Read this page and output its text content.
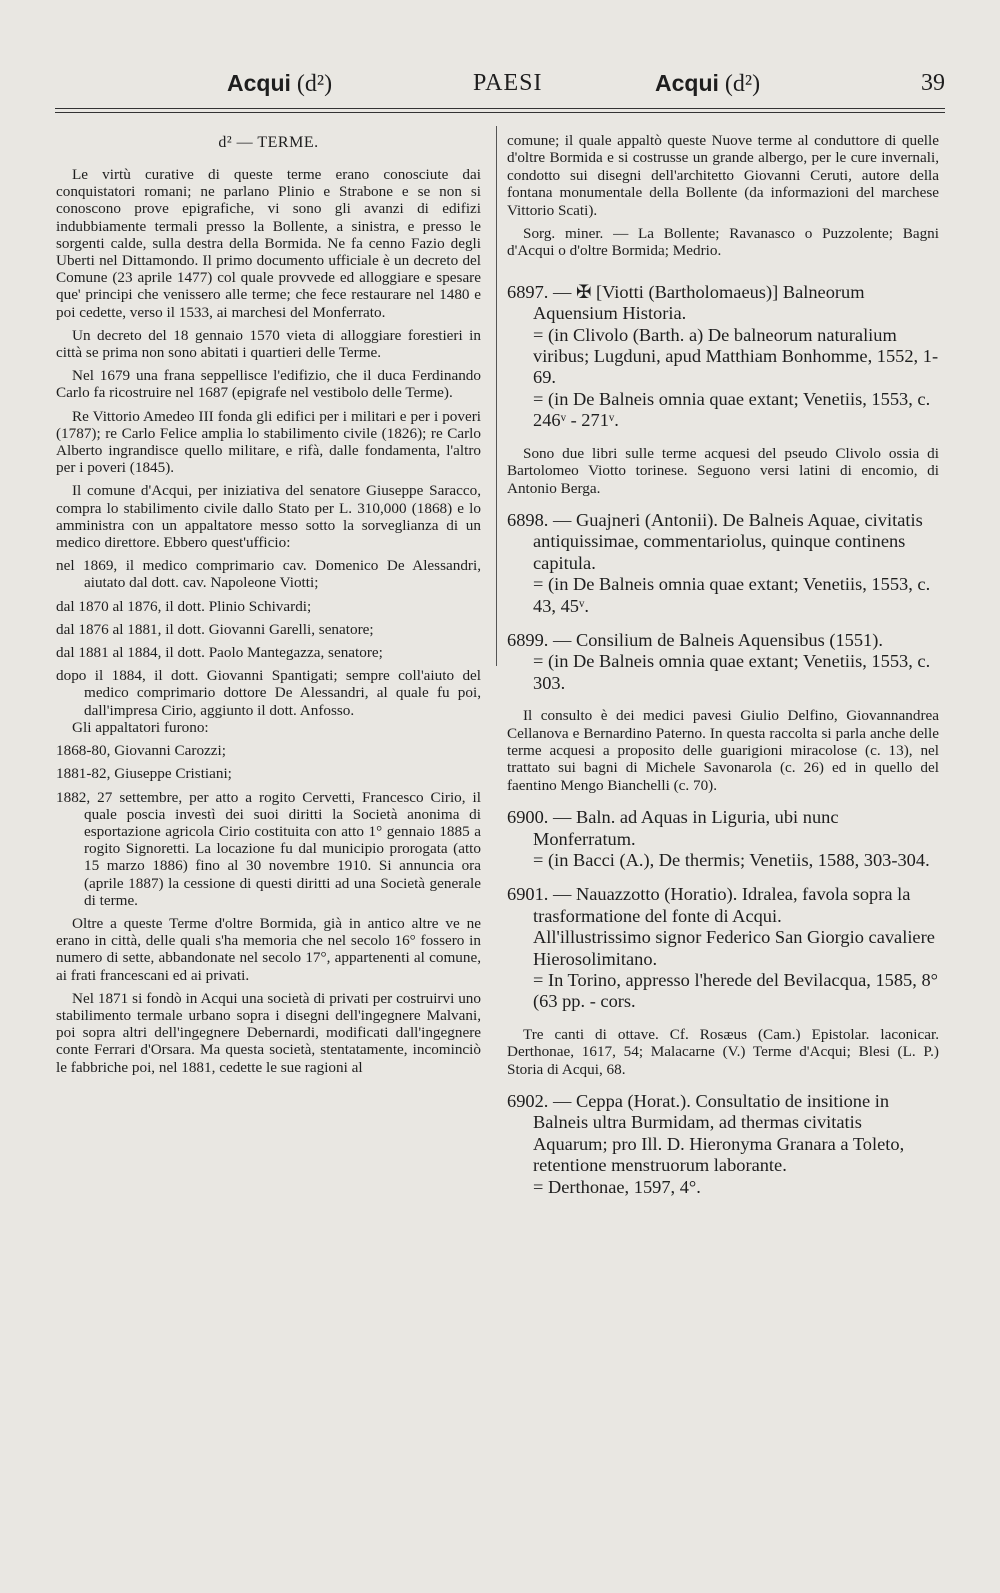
Acqui (d²)	PAESI	Acqui (d²)	39
d² — TERME.

Le virtù curative di queste terme erano conosciute dai conquistatori romani; ne parlano Plinio e Strabone e se non si conoscono prove epigrafiche, vi sono gli avanzi di edifizi indubbiamente termali presso la Bollente, a sinistra, e presso le sorgenti calde, sulla destra della Bormida. Ne fa cenno Fazio degli Uberti nel Dittamondo. Il primo documento ufficiale è un decreto del Comune (23 aprile 1477) col quale provvede ed alloggiare e spesare que' principi che venissero alle terme; che fece restaurare nel 1480 e poi cedette, verso il 1533, ai marchesi del Monferrato.

Un decreto del 18 gennaio 1570 vieta di alloggiare forestieri in città se prima non sono abitati i quartieri delle Terme.

Nel 1679 una frana seppellisce l'edifizio, che il duca Ferdinando Carlo fa ricostruire nel 1687 (epigrafe nel vestibolo delle Terme).

Re Vittorio Amedeo III fonda gli edifici per i militari e per i poveri (1787); re Carlo Felice amplia lo stabilimento civile (1826); re Carlo Alberto ingrandisce quello militare, e rifà, dalle fondamenta, l'altro per i poveri (1845).

Il comune d'Acqui, per iniziativa del senatore Giuseppe Saracco, compra lo stabilimento civile dallo Stato per L. 310,000 (1868) e lo amministra con un appaltatore messo sotto la sorveglianza di un medico direttore. Ebbero quest'ufficio:

nel 1869, il medico comprimario cav. Domenico De Alessandri, aiutato dal dott. cav. Napoleone Viotti;

dal 1870 al 1876, il dott. Plinio Schivardi;

dal 1876 al 1881, il dott. Giovanni Garelli, senatore;

dal 1881 al 1884, il dott. Paolo Mantegazza, senatore;

dopo il 1884, il dott. Giovanni Spantigati; sempre coll'aiuto del medico comprimario dottore De Alessandri, al quale fu poi, dall'impresa Cirio, aggiunto il dott. Anfosso.

Gli appaltatori furono:

1868-80, Giovanni Carozzi;

1881-82, Giuseppe Cristiani;

1882, 27 settembre, per atto a rogito Cervetti, Francesco Cirio, il quale poscia investì dei suoi diritti la Società anonima di esportazione agricola Cirio costituita con atto 1° gennaio 1885 a rogito Signoretti. La locazione fu dal municipio prorogata (atto 15 marzo 1886) fino al 30 novembre 1910. Si annuncia ora (aprile 1887) la cessione di questi diritti ad una Società generale di terme.

Oltre a queste Terme d'oltre Bormida, già in antico altre ve ne erano in città, delle quali s'ha memoria che nel secolo 16° fossero in numero di sette, abbandonate nel secolo 17°, appartenenti al comune, ai frati francescani ed ai privati.

Nel 1871 si fondò in Acqui una società di privati per costruirvi uno stabilimento termale urbano sopra i disegni dell'ingegnere Malvani, poi sopra altri dell'ingegnere Debernardi, modificati dall'ingegnere conte Ferrari d'Orsara. Ma questa società, stentatamente, incominciò le fabbriche poi, nel 1881, cedette le sue ragioni al

comune; il quale appaltò queste Nuove terme al conduttore di quelle d'oltre Bormida e si costrusse un grande albergo, per le cure invernali, condotto sui disegni dell'architetto Giovanni Ceruti, autore della fontana monumentale della Bollente (da informazioni del marchese Vittorio Scati).

Sorg. miner. — La Bollente; Ravanasco o Puzzolente; Bagni d'Acqui o d'oltre Bormida; Medrio.

6897. — ✠ [Viotti (Bartholomaeus)] Balneorum Aquensium Historia.

= (in Clivolo (Barth. a) De balneorum naturalium viribus; Lugduni, apud Matthiam Bonhomme, 1552, 1-69.

= (in De Balneis omnia quae extant; Venetiis, 1553, c. 246ᵛ - 271ᵛ.

Sono due libri sulle terme acquesi del pseudo Clivolo ossia di Bartolomeo Viotto torinese. Seguono versi latini di encomio, di Antonio Berga.

6898. — Guajneri (Antonii). De Balneis Aquae, civitatis antiquissimae, commentariolus, quinque continens capitula.

= (in De Balneis omnia quae extant; Venetiis, 1553, c. 43, 45ᵛ.

6899. — Consilium de Balneis Aquensibus (1551).

= (in De Balneis omnia quae extant; Venetiis, 1553, c. 303.

Il consulto è dei medici pavesi Giulio Delfino, Giovannandrea Cellanova e Bernardino Paterno. In questa raccolta si parla anche delle terme acquesi a proposito delle guarigioni miracolose (c. 13), nel trattato sui bagni di Michele Savonarola (c. 26) ed in quello del faentino Mengo Bianchelli (c. 70).

6900. — Baln. ad Aquas in Liguria, ubi nunc Monferratum.

= (in Bacci (A.), De thermis; Venetiis, 1588, 303-304.

6901. — Nauazzotto (Horatio). Idralea, favola sopra la trasformatione del fonte di Acqui.

All'illustrissimo signor Federico San Giorgio cavaliere Hierosolimitano.

= In Torino, appresso l'herede del Bevilacqua, 1585, 8° (63 pp. - cors.

Tre canti di ottave. Cf. Rosæus (Cam.) Epistolar. laconicar. Derthonae, 1617, 54; Malacarne (V.) Terme d'Acqui; Blesi (L. P.) Storia di Acqui, 68.

6902. — Ceppa (Horat.). Consultatio de insitione in Balneis ultra Burmidam, ad thermas civitatis Aquarum; pro Ill. D. Hieronyma Granara a Toleto, retentione menstruorum laborante.

= Derthonae, 1597, 4°.
